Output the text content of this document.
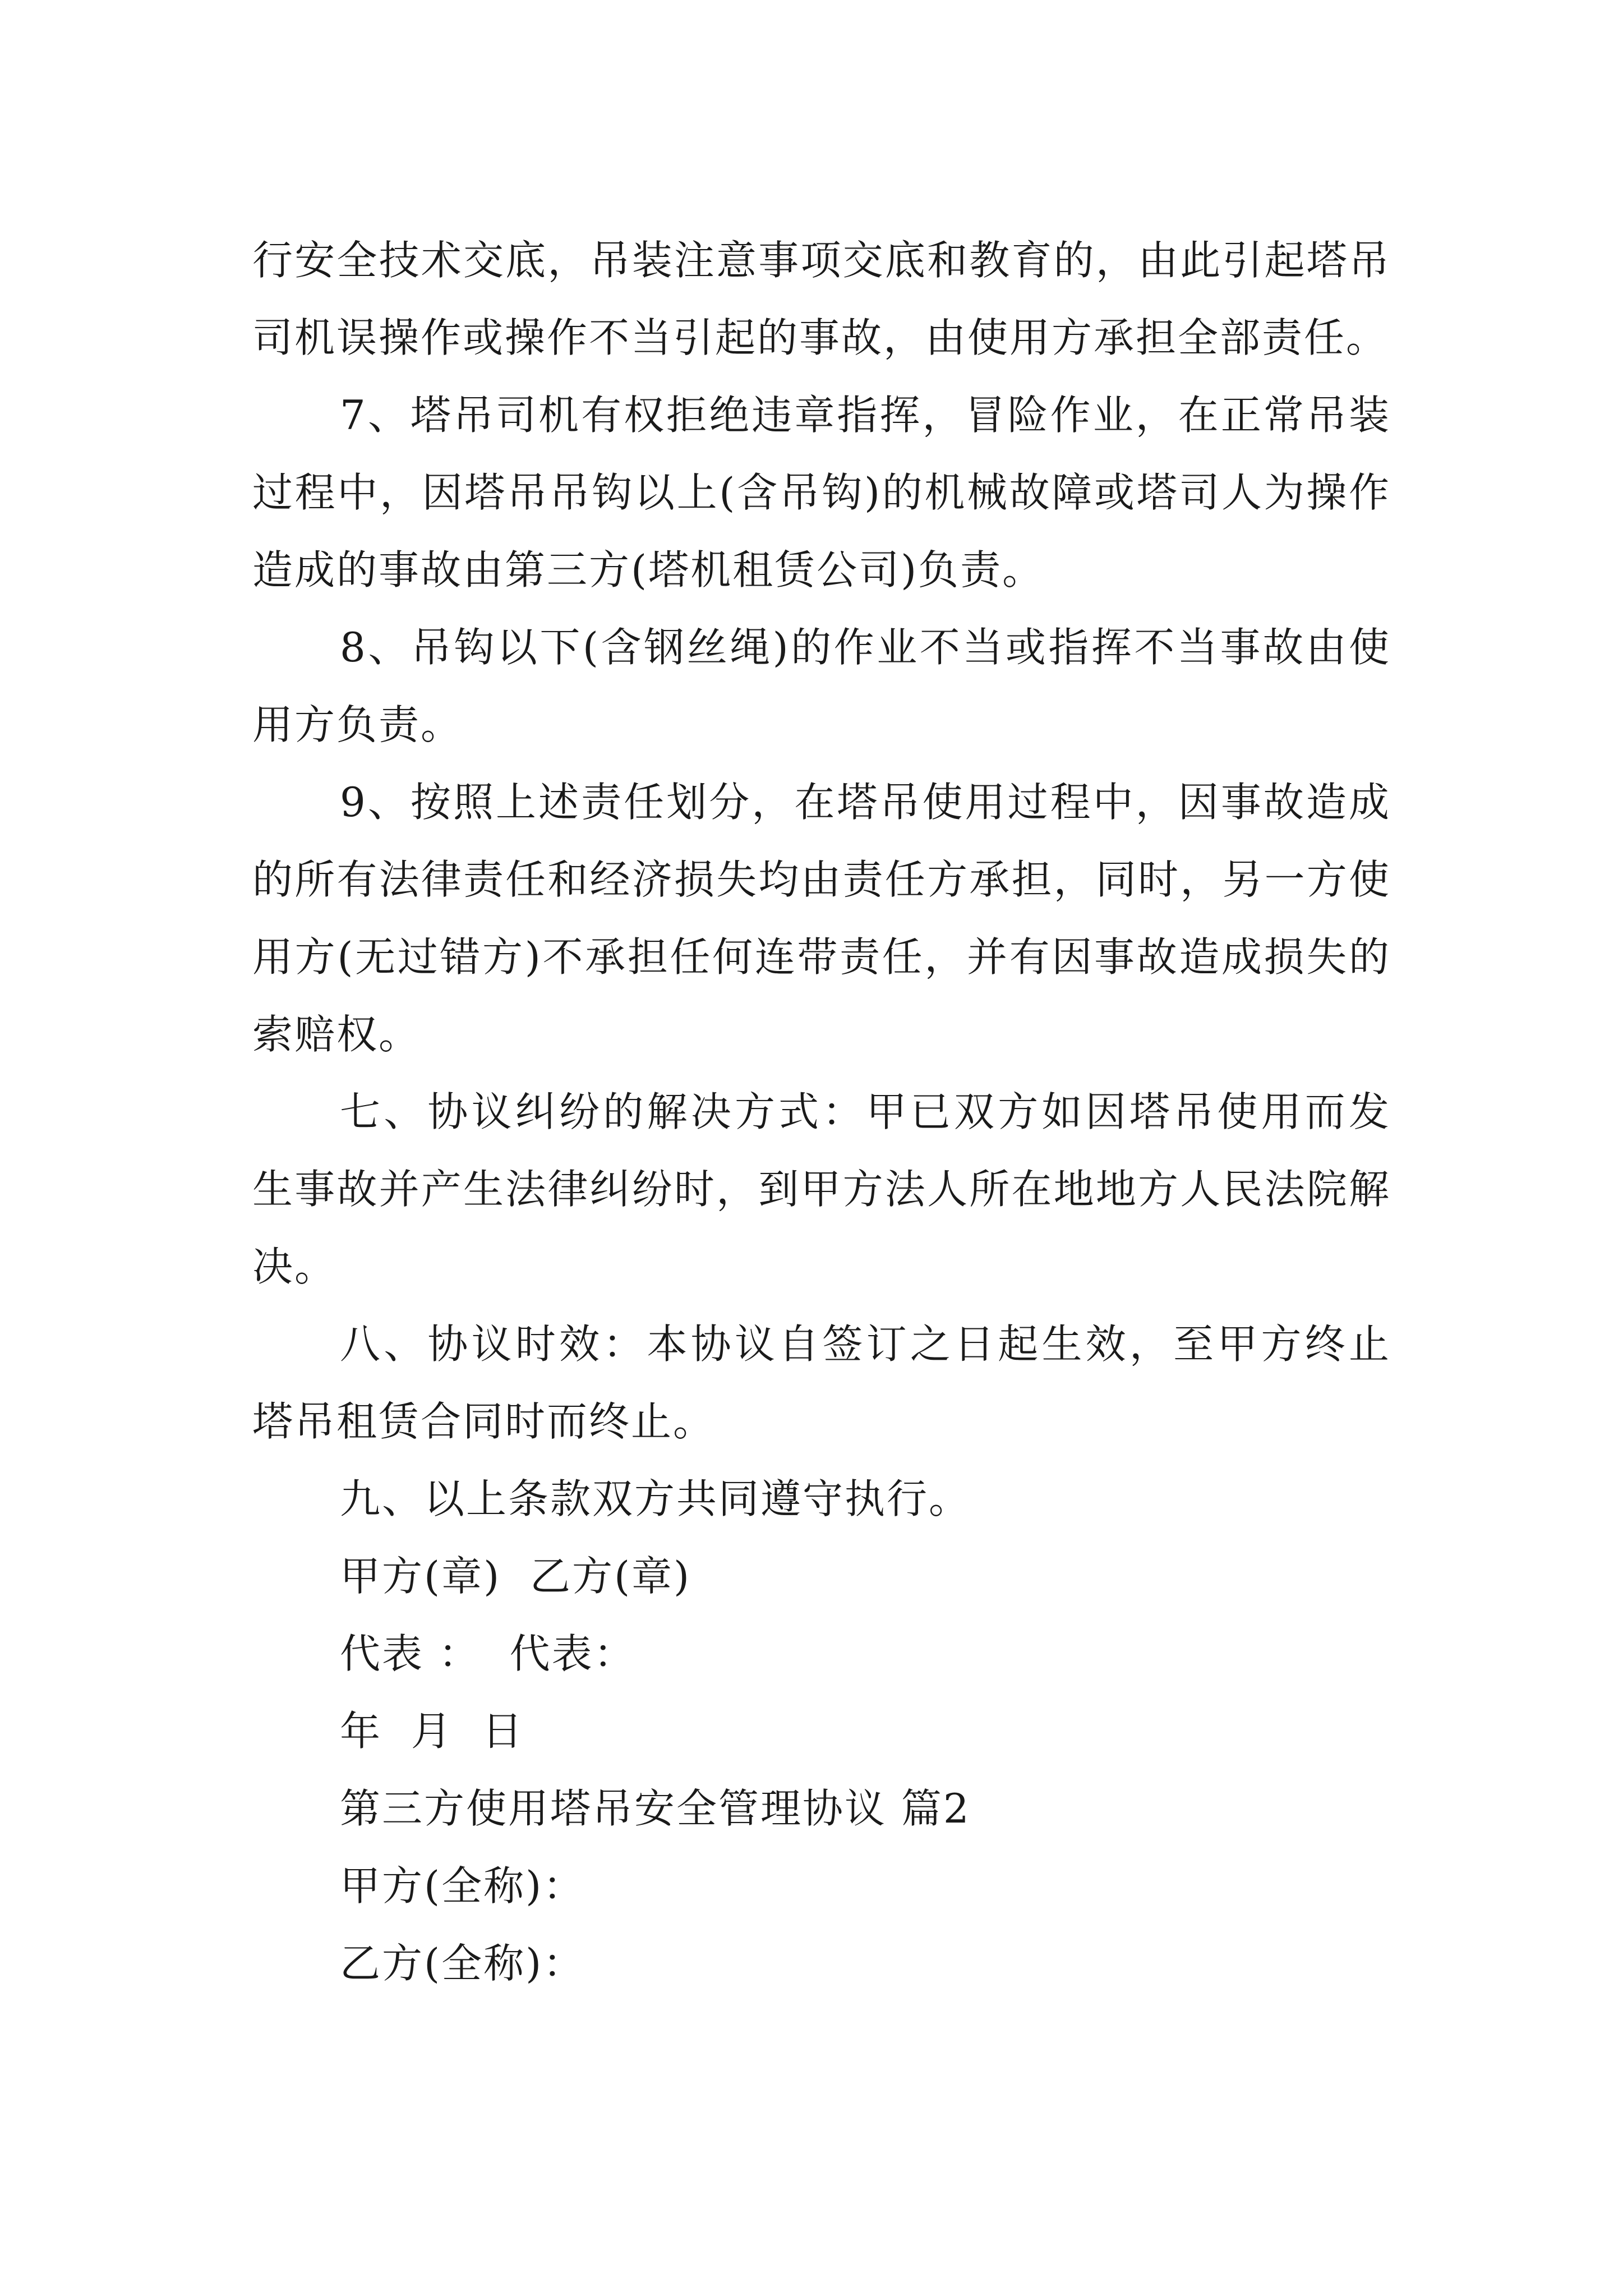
行安全技术交底，吊装注意事项交底和教育的，由此引起塔吊司机误操作或操作不当引起的事故，由使用方承担全部责任。

7、塔吊司机有权拒绝违章指挥，冒险作业，在正常吊装过程中，因塔吊吊钩以上(含吊钩)的机械故障或塔司人为操作造成的事故由第三方(塔机租赁公司)负责。

8、吊钩以下(含钢丝绳)的作业不当或指挥不当事故由使用方负责。

9、按照上述责任划分，在塔吊使用过程中，因事故造成的所有法律责任和经济损失均由责任方承担，同时，另一方使用方(无过错方)不承担任何连带责任，并有因事故造成损失的索赔权。

七、协议纠纷的解决方式：甲已双方如因塔吊使用而发生事故并产生法律纠纷时，到甲方法人所在地地方人民法院解决。

八、协议时效：本协议自签订之日起生效，至甲方终止塔吊租赁合同时而终止。

九、以上条款双方共同遵守执行。

甲方(章)  乙方(章)

代表 ：  代表：

年  月  日

第三方使用塔吊安全管理协议 篇2

甲方(全称)：

乙方(全称)：
